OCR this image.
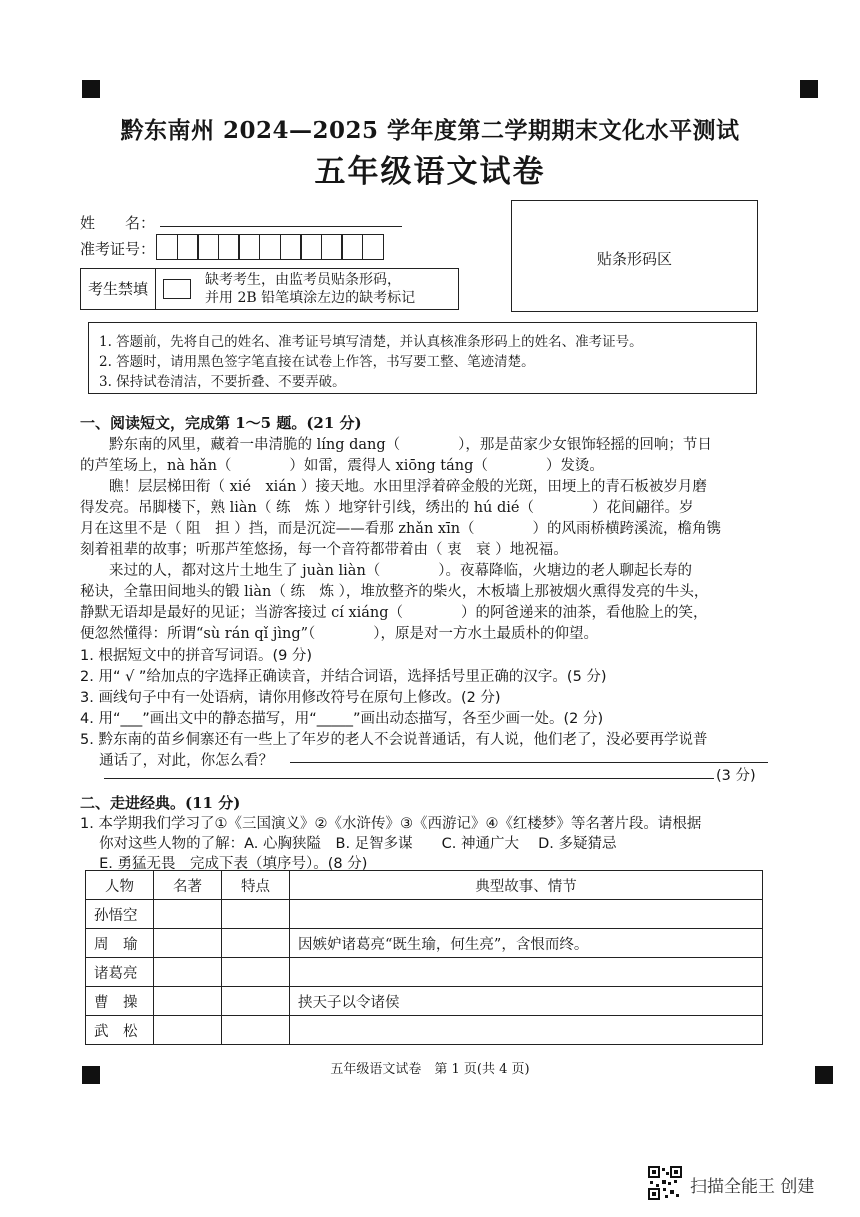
黔东南州 2024—2025 学年度第二学期期末文化水平测试
五年级语文试卷
姓　　名：
准考证号：
考生禁填	缺考考生，由监考员贴条形码，
并用 2B 铅笔填涂左边的缺考标记
贴条形码区
1. 答题前，先将自己的姓名、准考证号填写清楚，并认真核准条形码上的姓名、准考证号。
2. 答题时，请用黑色签字笔直接在试卷上作答，书写要工整、笔迹清楚。
3. 保持试卷清洁，不要折叠、不要弄破。
一、阅读短文，完成第 1～5 题。(21 分)
　　黔东南的风里，藏着一串清脆的 líng dang（　　　　），那是苗家少女银饰轻摇的回响；节日
的芦笙场上，nà hǎn（　　　　）如雷，震得人 xiōng táng（　　　　）发烫。
　　瞧！层层梯田衔（ xié　xián ）接天地。水田里浮着碎金般的光斑，田埂上的青石板被岁月磨
得发亮。吊脚楼下，熟 liàn（ 练　炼 ）地穿针引线，绣出的 hú dié（　　　　）花间翩徉。岁
月在这里不是（ 阻　担 ）挡，而是沉淀——看那 zhǎn xīn（　　　　）的风雨桥横跨溪流，檐角镌
刻着祖辈的故事；听那芦笙悠扬，每一个音符都带着由（ 衷　衰 ）地祝福。
　　来过的人，都对这片土地生了 juàn liàn（　　　　）。夜幕降临，火塘边的老人聊起长寿的
秘诀，全靠田间地头的锻 liàn（ 练　炼 ），堆放整齐的柴火，木板墙上那被烟火熏得发亮的牛头，
静默无语却是最好的见证；当游客接过 cí xiáng（　　　　）的阿爸递来的油茶，看他脸上的笑，
便忽然懂得：所谓“sù rán qǐ jìng”（　　　　），原是对一方水土最质朴的仰望。
1. 根据短文中的拼音写词语。(9 分)
2. 用“ √ ”给加点的字选择正确读音，并结合词语，选择括号里正确的汉字。(5 分)
3. 画线句子中有一处语病，请你用修改符号在原句上修改。(2 分)
4. 用“___”画出文中的静态描写，用“_____”画出动态描写，各至少画一处。(2 分)
5. 黔东南的苗乡侗寨还有一些上了年岁的老人不会说普通话，有人说，他们老了，没必要再学说普
　 通话了，对此，你怎么看？
(3 分)
二、走进经典。(11 分)
1. 本学期我们学习了①《三国演义》②《水浒传》③《西游记》④《红楼梦》等名著片段。请根据
　 你对这些人物的了解：A. 心胸狭隘　B. 足智多谋　　C. 神通广大　 D. 多疑猜忌
　 E. 勇猛无畏　完成下表（填序号）。(8 分)
人物	名著	特点	典型故事、情节
孙悟空			
周　瑜			因嫉妒诸葛亮“既生瑜，何生亮”，含恨而终。
诸葛亮			
曹　操			挟天子以令诸侯
武　松			
五年级语文试卷　第 1 页(共 4 页)
扫描全能王 创建
